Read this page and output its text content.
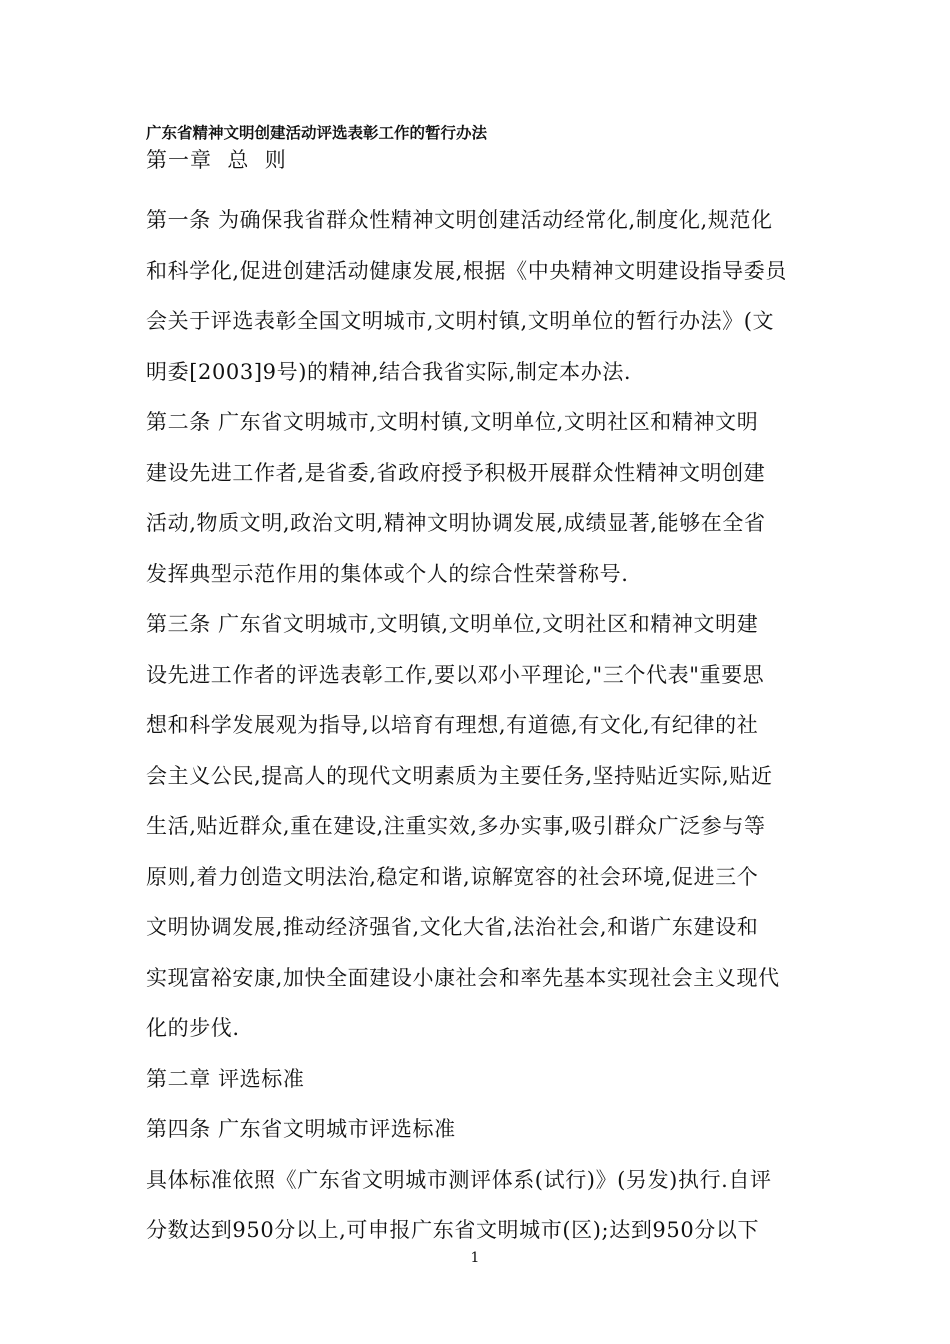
广东省精神文明创建活动评选表彰工作的暂行办法

第一章  总  则

第一条 为确保我省群众性精神文明创建活动经常化,制度化,规范化
和科学化,促进创建活动健康发展,根据《中央精神文明建设指导委员
会关于评选表彰全国文明城市,文明村镇,文明单位的暂行办法》(文
明委[2003]9号)的精神,结合我省实际,制定本办法.

第二条 广东省文明城市,文明村镇,文明单位,文明社区和精神文明
建设先进工作者,是省委,省政府授予积极开展群众性精神文明创建
活动,物质文明,政治文明,精神文明协调发展,成绩显著,能够在全省
发挥典型示范作用的集体或个人的综合性荣誉称号.

第三条 广东省文明城市,文明镇,文明单位,文明社区和精神文明建
设先进工作者的评选表彰工作,要以邓小平理论,"三个代表"重要思
想和科学发展观为指导,以培育有理想,有道德,有文化,有纪律的社
会主义公民,提高人的现代文明素质为主要任务,坚持贴近实际,贴近
生活,贴近群众,重在建设,注重实效,多办实事,吸引群众广泛参与等
原则,着力创造文明法治,稳定和谐,谅解宽容的社会环境,促进三个
文明协调发展,推动经济强省,文化大省,法治社会,和谐广东建设和
实现富裕安康,加快全面建设小康社会和率先基本实现社会主义现代
化的步伐.

第二章 评选标准

第四条 广东省文明城市评选标准

具体标准依照《广东省文明城市测评体系(试行)》(另发)执行.自评
分数达到950分以上,可申报广东省文明城市(区);达到950分以下

1
